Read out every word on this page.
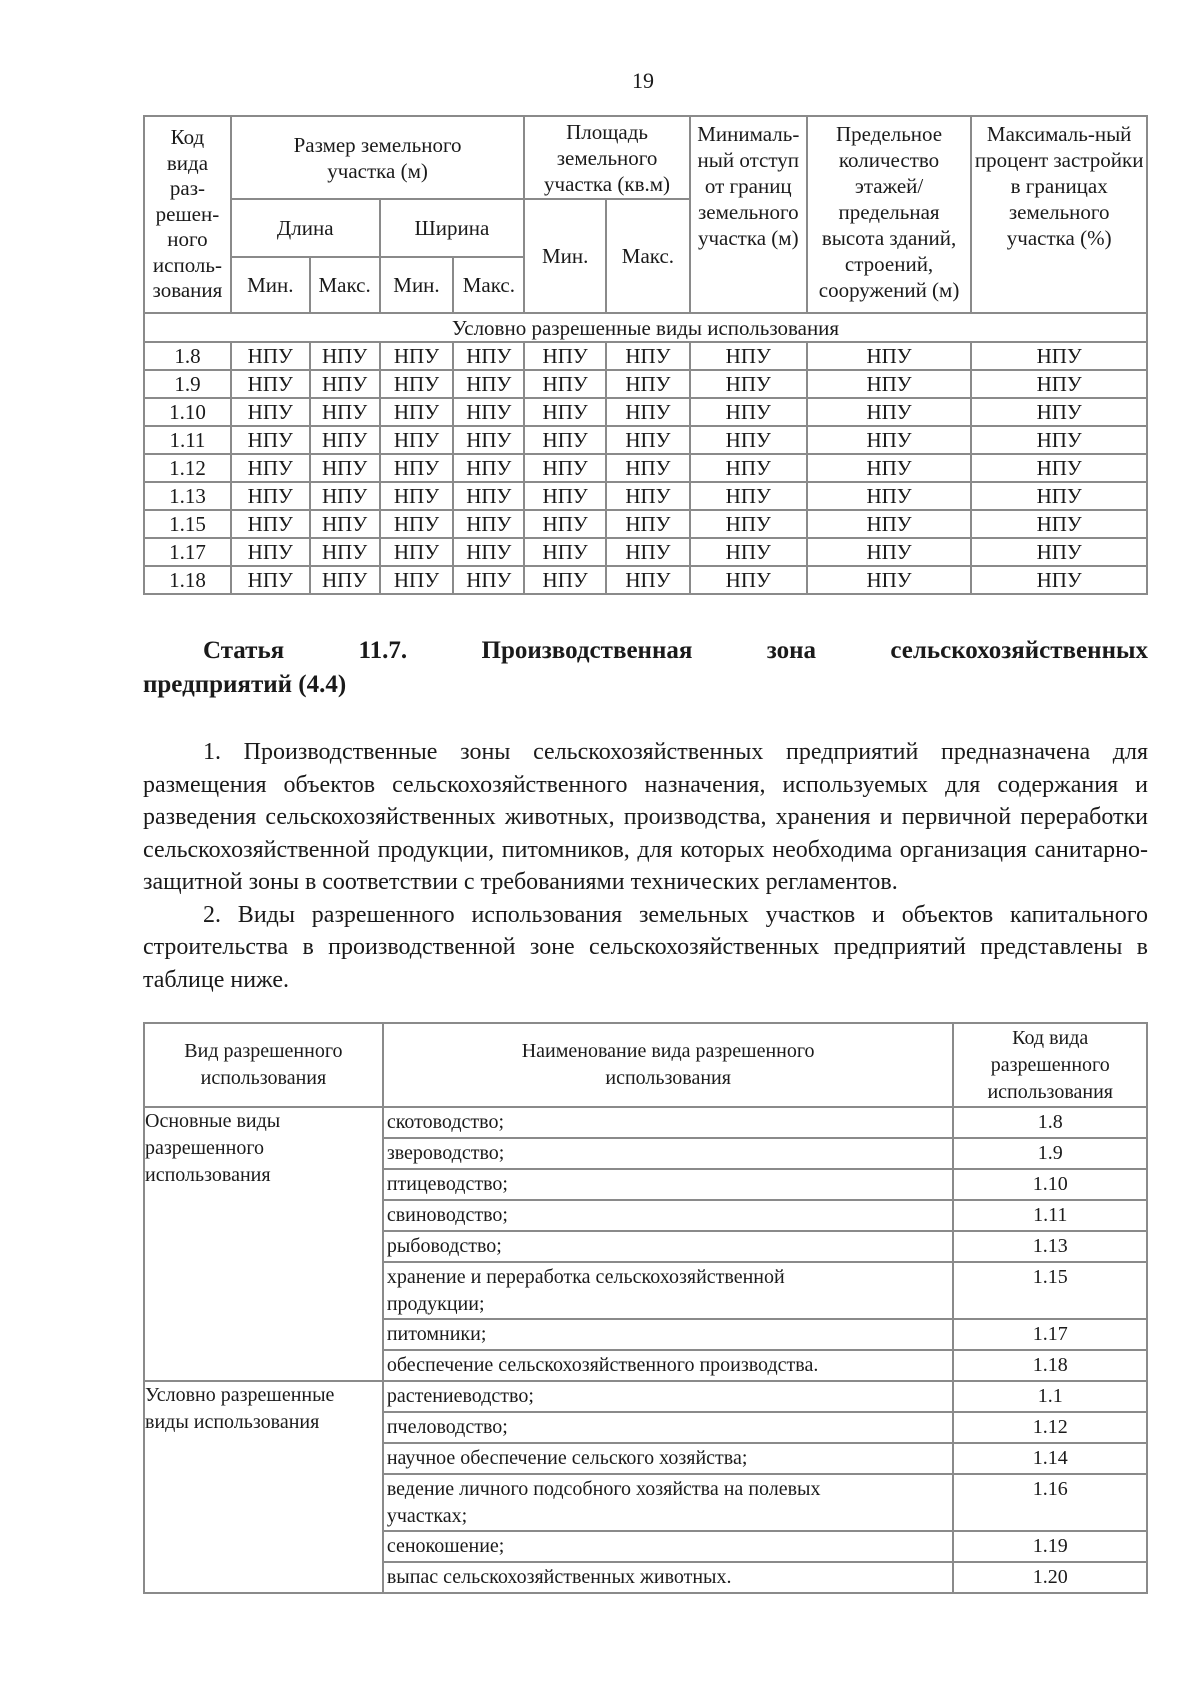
19
Код
вида
раз-
решен-
ного
исполь-
зования	Размер земельного участка (м)	Площадь земельного участка (кв.м)	Минималь-ный отступ от границ земельного участка (м)	Предельное количество этажей/ предельная высота зданий, строений, сооружений (м)	Максималь-ный процент застройки в границах земельного участка (%)
	Длина		Ширина		Мин.	Макс.			
	Мин.	Макс.	Мин.	Макс.					
Условно разрешенные виды использования									
1.8	НПУ	НПУ	НПУ	НПУ	НПУ	НПУ	НПУ	НПУ	НПУ
1.9	НПУ	НПУ	НПУ	НПУ	НПУ	НПУ	НПУ	НПУ	НПУ
1.10	НПУ	НПУ	НПУ	НПУ	НПУ	НПУ	НПУ	НПУ	НПУ
1.11	НПУ	НПУ	НПУ	НПУ	НПУ	НПУ	НПУ	НПУ	НПУ
1.12	НПУ	НПУ	НПУ	НПУ	НПУ	НПУ	НПУ	НПУ	НПУ
1.13	НПУ	НПУ	НПУ	НПУ	НПУ	НПУ	НПУ	НПУ	НПУ
1.15	НПУ	НПУ	НПУ	НПУ	НПУ	НПУ	НПУ	НПУ	НПУ
1.17	НПУ	НПУ	НПУ	НПУ	НПУ	НПУ	НПУ	НПУ	НПУ
1.18	НПУ	НПУ	НПУ	НПУ	НПУ	НПУ	НПУ	НПУ	НПУ
Статья 11.7. Производственная зона сельскохозяйственных
предприятий (4.4)

1. Производственные зоны сельскохозяйственных предприятий предназначена для размещения объектов сельскохозяйственного назначения, используемых для содержания и разведения сельскохозяйственных животных, производства, хранения и первичной переработки сельскохозяйственной продукции, питомников, для которых необходима организация санитарно-защитной зоны в соответствии с требованиями технических регламентов.

2. Виды разрешенного использования земельных участков и объектов капитального строительства в производственной зоне сельскохозяйственных предприятий представлены в таблице ниже.

Вид разрешенного использования	Наименование вида разрешенного использования	Код вида разрешенного использования
Основные виды разрешенного использования	скотоводство;	1.8
	звероводство;	1.9
	птицеводство;	1.10
	свиноводство;	1.11
	рыбоводство;	1.13
	хранение и переработка сельскохозяйственной продукции;	1.15
	питомники;	1.17
	обеспечение сельскохозяйственного производства.	1.18
Условно разрешенные виды использования	растениеводство;	1.1
	пчеловодство;	1.12
	научное обеспечение сельского хозяйства;	1.14
	ведение личного подсобного хозяйства на полевых участках;	1.16
	сенокошение;	1.19
	выпас сельскохозяйственных животных.	1.20
